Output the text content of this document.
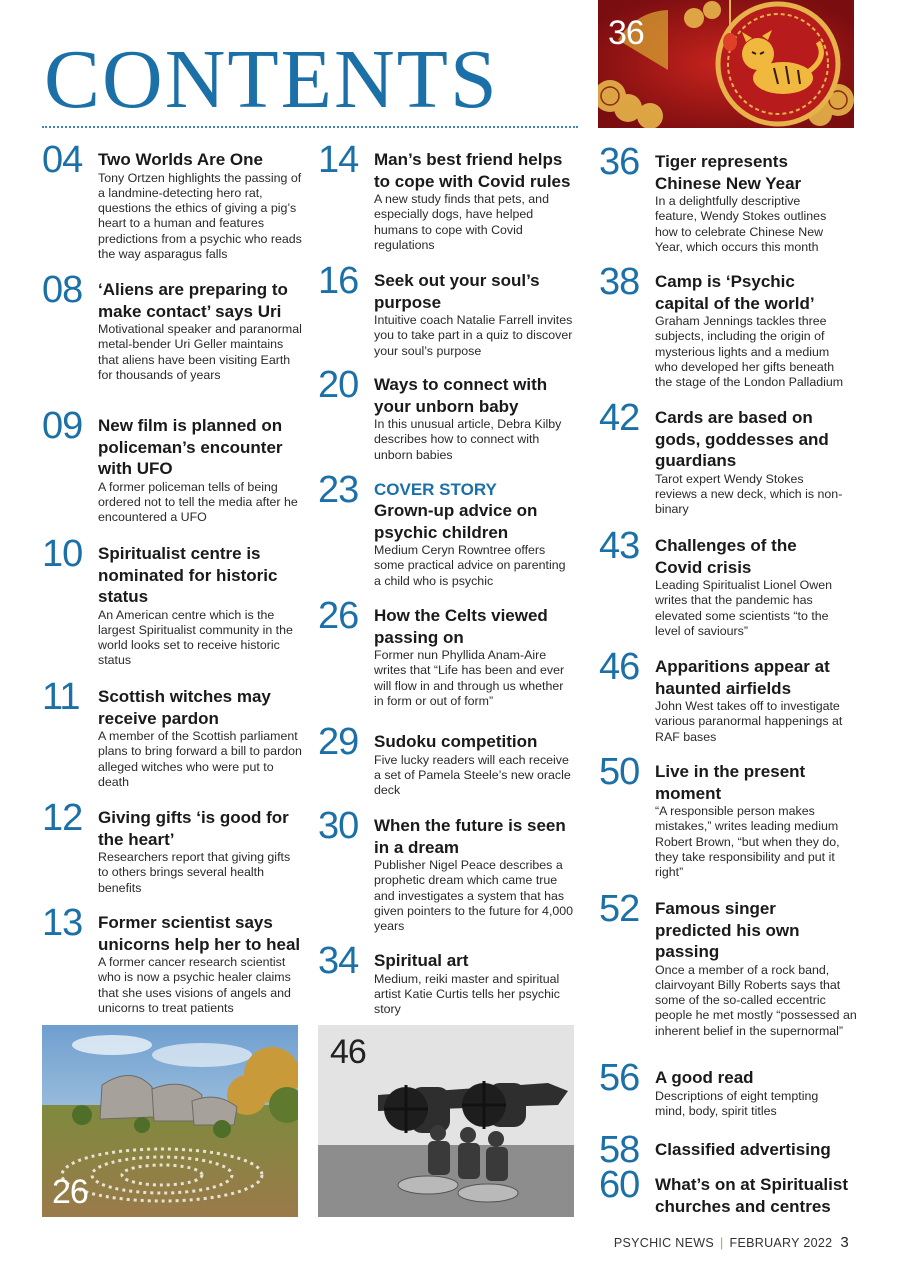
CONTENTS	36
04 Two Worlds Are One
Tony Ortzen highlights the passing of a landmine-detecting hero rat, questions the ethics of giving a pig’s heart to a human and features predictions from a psychic who reads the way asparagus falls
08 ‘Aliens are preparing to make contact’ says Uri
Motivational speaker and paranormal metal-bender Uri Geller maintains that aliens have been visiting Earth for thousands of years
09 New film is planned on policeman’s encounter with UFO
A former policeman tells of being ordered not to tell the media after he encountered a UFO
10 Spiritualist centre is nominated for historic status
An American centre which is the largest Spiritualist community in the world looks set to receive historic status
11 Scottish witches may receive pardon
A member of the Scottish parliament plans to bring forward a bill to pardon alleged witches who were put to death
12 Giving gifts ‘is good for the heart’
Researchers report that giving gifts to others brings several health benefits
13 Former scientist says unicorns help her to heal
A former cancer research scientist who is now a psychic healer claims that she uses visions of angels and unicorns to treat patients
14 Man’s best friend helps to cope with Covid rules
A new study finds that pets, and especially dogs, have helped humans to cope with Covid regulations
16 Seek out your soul’s purpose
Intuitive coach Natalie Farrell invites you to take part in a quiz to discover your soul’s purpose
20 Ways to connect with your unborn baby
In this unusual article, Debra Kilby describes how to connect with unborn babies
23 COVER STORY
Grown-up advice on psychic children
Medium Ceryn Rowntree offers some practical advice on parenting a child who is psychic
26 How the Celts viewed passing on
Former nun Phyllida Anam-Aire writes that “Life has been and ever will flow in and through us whether in form or out of form”
29 Sudoku competition
Five lucky readers will each receive a set of Pamela Steele’s new oracle deck
30 When the future is seen in a dream
Publisher Nigel Peace describes a prophetic dream which came true and investigates a system that has given pointers to the future for 4,000 years
34 Spiritual art
Medium, reiki master and spiritual artist Katie Curtis tells her psychic story
36 Tiger represents Chinese New Year
In a delightfully descriptive feature, Wendy Stokes outlines how to celebrate Chinese New Year, which occurs this month
38 Camp is ‘Psychic capital of the world’
Graham Jennings tackles three subjects, including the origin of mysterious lights and a medium who developed her gifts beneath the stage of the London Palladium
42 Cards are based on gods, goddesses and guardians
Tarot expert Wendy Stokes reviews a new deck, which is non-binary
43 Challenges of the Covid crisis
Leading Spiritualist Lionel Owen writes that the pandemic has elevated some scientists “to the level of saviours”
46 Apparitions appear at haunted airfields
John West takes off to investigate various paranormal happenings at RAF bases
50 Live in the present moment
“A responsible person makes mistakes,” writes leading medium Robert Brown, “but when they do, they take responsibility and put it right”
52 Famous singer predicted his own passing
Once a member of a rock band, clairvoyant Billy Roberts says that some of the so-called eccentric people he met mostly “possessed an inherent belief in the supernormal”
56 A good read
Descriptions of eight tempting mind, body, spirit titles
58 Classified advertising
60 What’s on at Spiritualist churches and centres
26
46
PSYCHIC NEWS | FEBRUARY 2022 3
